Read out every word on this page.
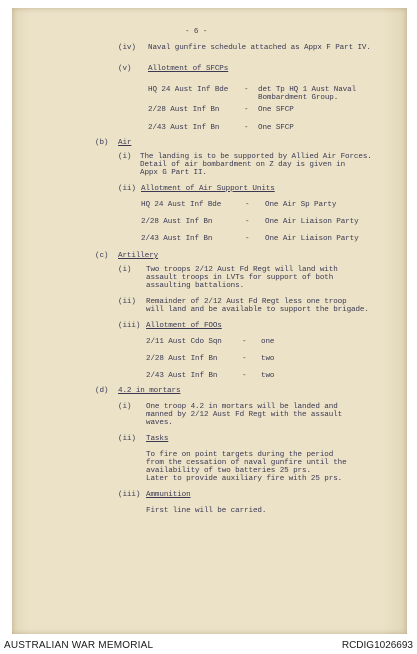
- 6 -
(iv) Naval gunfire schedule attached as Appx F Part IV.
(v) Allotment of SFCPs
HQ 24 Aust Inf Bde - det Tp HQ 1 Aust Naval
Bombardment Group.
2/28 Aust Inf Bn	- One SFCP
2/43 Aust Inf Bn	- One SFCP
(b) Air
(i) The landing is to be supported by Allied Air Forces.
Detail of air bombardment on Z day is given in
Appx G Part II.
(ii) Allotment of Air Support Units
HQ 24 Aust Inf Bde	- One Air Sp Party
2/28 Aust Inf Bn	- One Air Liaison Party
2/43 Aust Inf Bn	- One Air Liaison Party
(c) Artillery
(i) Two troops 2/12 Aust Fd Regt will land with
assault troops in LVTs for support of both
assaulting battalions.
(ii) Remainder of 2/12 Aust Fd Regt less one troop
will land and be available to support the brigade.
(iii) Allotment of FOOs
2/11 Aust Cdo Sqn	- one
2/28 Aust Inf Bn	- two
2/43 Aust Inf Bn	- two
(d) 4.2 in mortars
(i) One troop 4.2 in mortars will be landed and
manned by 2/12 Aust Fd Regt with the assault
waves.
(ii) Tasks
To fire on point targets during the period
from the cessation of naval gunfire until the
availability of two batteries 25 prs.
Later to provide auxiliary fire with 25 prs.
(iii) Ammunition
First line will be carried.
AUSTRALIAN WAR MEMORIAL	RCDIG1026693
